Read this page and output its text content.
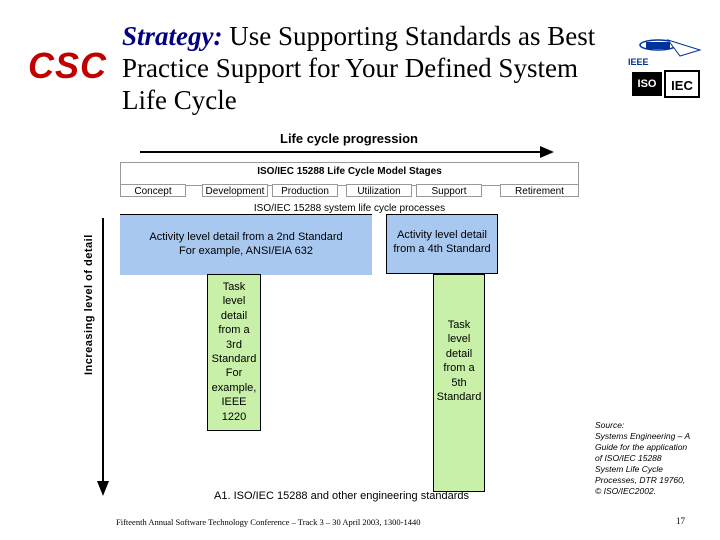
CSC
Strategy: Use Supporting Standards as Best Practice Support for Your Defined System Life Cycle
IEEE
ISO	IEC
Life cycle progression
ISO/IEC 15288 Life Cycle Model Stages
Concept	Development	Production	Utilization	Support	Retirement
ISO/IEC 15288 system life cycle processes
Activity level detail from a 2nd Standard
For example, ANSI/EIA 632
Activity level detail
from a 4th Standard
Task
level
detail
from a
3rd
Standard
For
example,
IEEE
1220
Task
level
detail
from a
5th
Standard
Increasing level of detail
A1. ISO/IEC 15288 and other engineering standards
Source:
Systems Engineering – A
Guide for the application
of ISO/IEC 15288
System Life Cycle
Processes, DTR 19760,
© ISO/IEC2002.
Fifteenth Annual Software Technology Conference – Track 3 – 30 April 2003, 1300-1440	17
